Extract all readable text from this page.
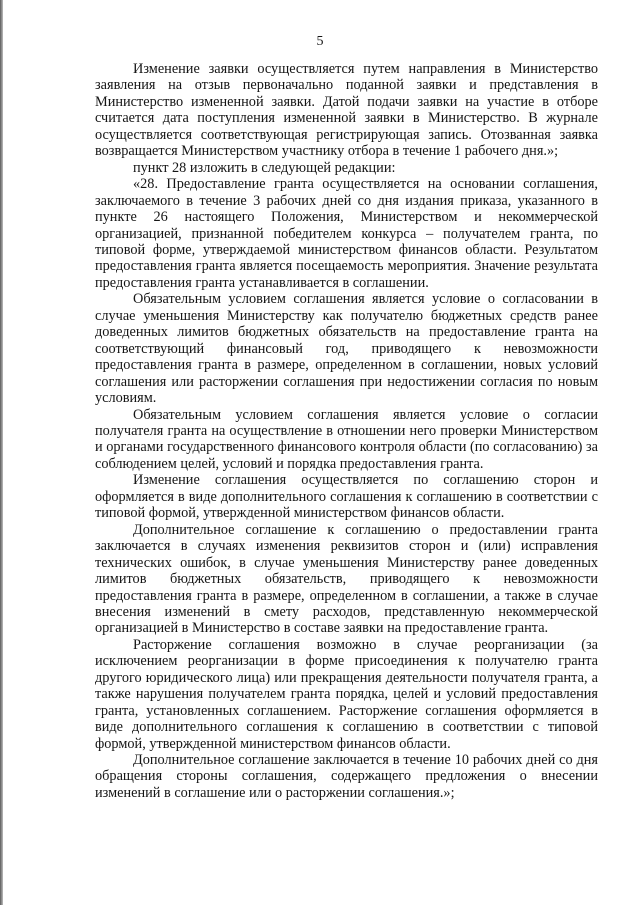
5

Изменение заявки осуществляется путем направления в Министерство заявления на отзыв первоначально поданной заявки и представления в Министерство измененной заявки. Датой подачи заявки на участие в отборе считается дата поступления измененной заявки в Министерство. В журнале осуществляется соответствующая регистрирующая запись. Отозванная заявка возвращается Министерством участнику отбора в течение 1 рабочего дня.»;

пункт 28 изложить в следующей редакции:

«28. Предоставление гранта осуществляется на основании соглашения, заключаемого в течение 3 рабочих дней со дня издания приказа, указанного в пункте 26 настоящего Положения, Министерством и некоммерческой организацией, признанной победителем конкурса – получателем гранта, по типовой форме, утверждаемой министерством финансов области. Результатом предоставления гранта является посещаемость мероприятия. Значение результата предоставления гранта устанавливается в соглашении.

Обязательным условием соглашения является условие о согласовании в случае уменьшения Министерству как получателю бюджетных средств ранее доведенных лимитов бюджетных обязательств на предоставление гранта на соответствующий финансовый год, приводящего к невозможности предоставления гранта в размере, определенном в соглашении, новых условий соглашения или расторжении соглашения при недостижении согласия по новым условиям.

Обязательным условием соглашения является условие о согласии получателя гранта на осуществление в отношении него проверки Министерством и органами государственного финансового контроля области (по согласованию) за соблюдением целей, условий и порядка предоставления гранта.

Изменение соглашения осуществляется по соглашению сторон и оформляется в виде дополнительного соглашения к соглашению в соответствии с типовой формой, утвержденной министерством финансов области.

Дополнительное соглашение к соглашению о предоставлении гранта заключается в случаях изменения реквизитов сторон и (или) исправления технических ошибок, в случае уменьшения Министерству ранее доведенных лимитов бюджетных обязательств, приводящего к невозможности предоставления гранта в размере, определенном в соглашении, а также в случае внесения изменений в смету расходов, представленную некоммерческой организацией в Министерство в составе заявки на предоставление гранта.

Расторжение соглашения возможно в случае реорганизации (за исключением реорганизации в форме присоединения к получателю гранта другого юридического лица) или прекращения деятельности получателя гранта, а также нарушения получателем гранта порядка, целей и условий предоставления гранта, установленных соглашением. Расторжение соглашения оформляется в виде дополнительного соглашения к соглашению в соответствии с типовой формой, утвержденной министерством финансов области.

Дополнительное соглашение заключается в течение 10 рабочих дней со дня обращения стороны соглашения, содержащего предложения о внесении изменений в соглашение или о расторжении соглашения.»;
